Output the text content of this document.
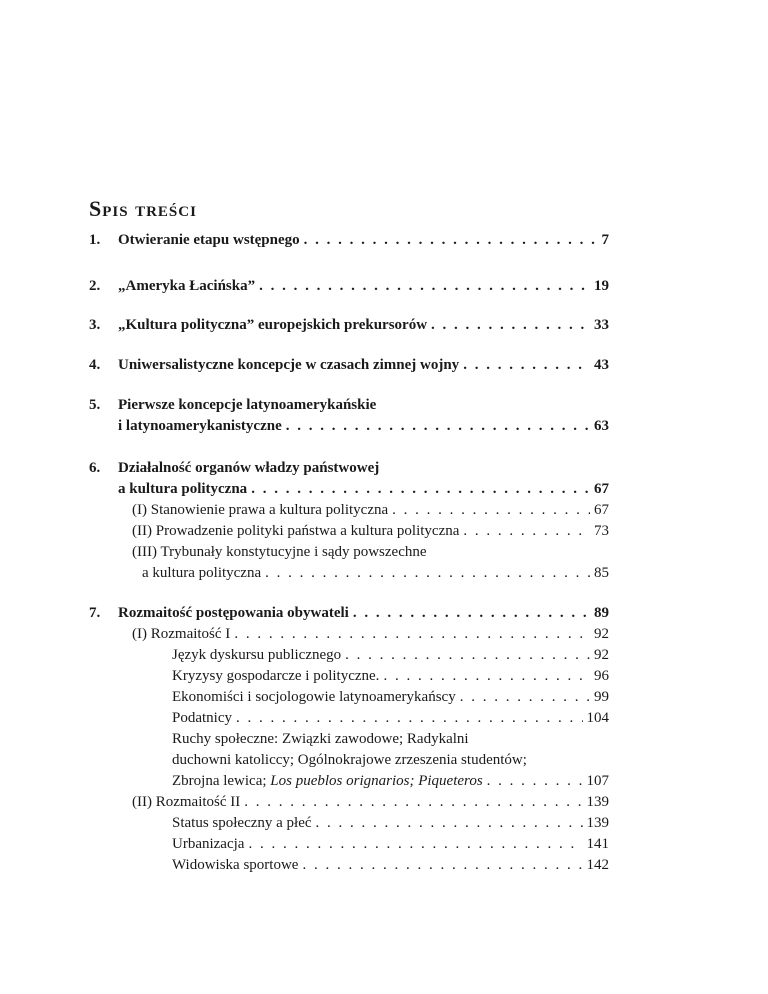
Spis treści
1. Otwieranie etapu wstępnego . . .	7
2. „Ameryka Łacińska” . . .	19
3. „Kultura polityczna” europejskich prekursorów . . .	33
4. Uniwersalistyczne koncepcje w czasach zimnej wojny . . .	43
5. Pierwsze koncepcje latynoamerykańskie
i latynoamerykanistyczne . . .	63
6. Działalność organów władzy państwowej
a kultura polityczna . . .	67
(I) Stanowienie prawa a kultura polityczna . . .	67
(II) Prowadzenie polityki państwa a kultura polityczna . . .	73
(III) Trybunały konstytucyjne i sądy powszechne
a kultura polityczna . . .	85
7. Rozmaitość postępowania obywateli . . .	89
(I) Rozmaitość I . . .	92
Język dyskursu publicznego . . .	92
Kryzysy gospodarcze i polityczne. . . .	96
Ekonomiści i socjologowie latynoamerykańscy . . .	99
Podatnicy . . .	104
Ruchy społeczne: Związki zawodowe; Radykalni
duchowni katoliccy; Ogólnokrajowe zrzeszenia studentów;
Zbrojna lewica; Los pueblos orignarios; Piqueteros . . .	107
(II) Rozmaitość II . . .	139
Status społeczny a płeć . . .	139
Urbanizacja . . .	141
Widowiska sportowe . . .	142
